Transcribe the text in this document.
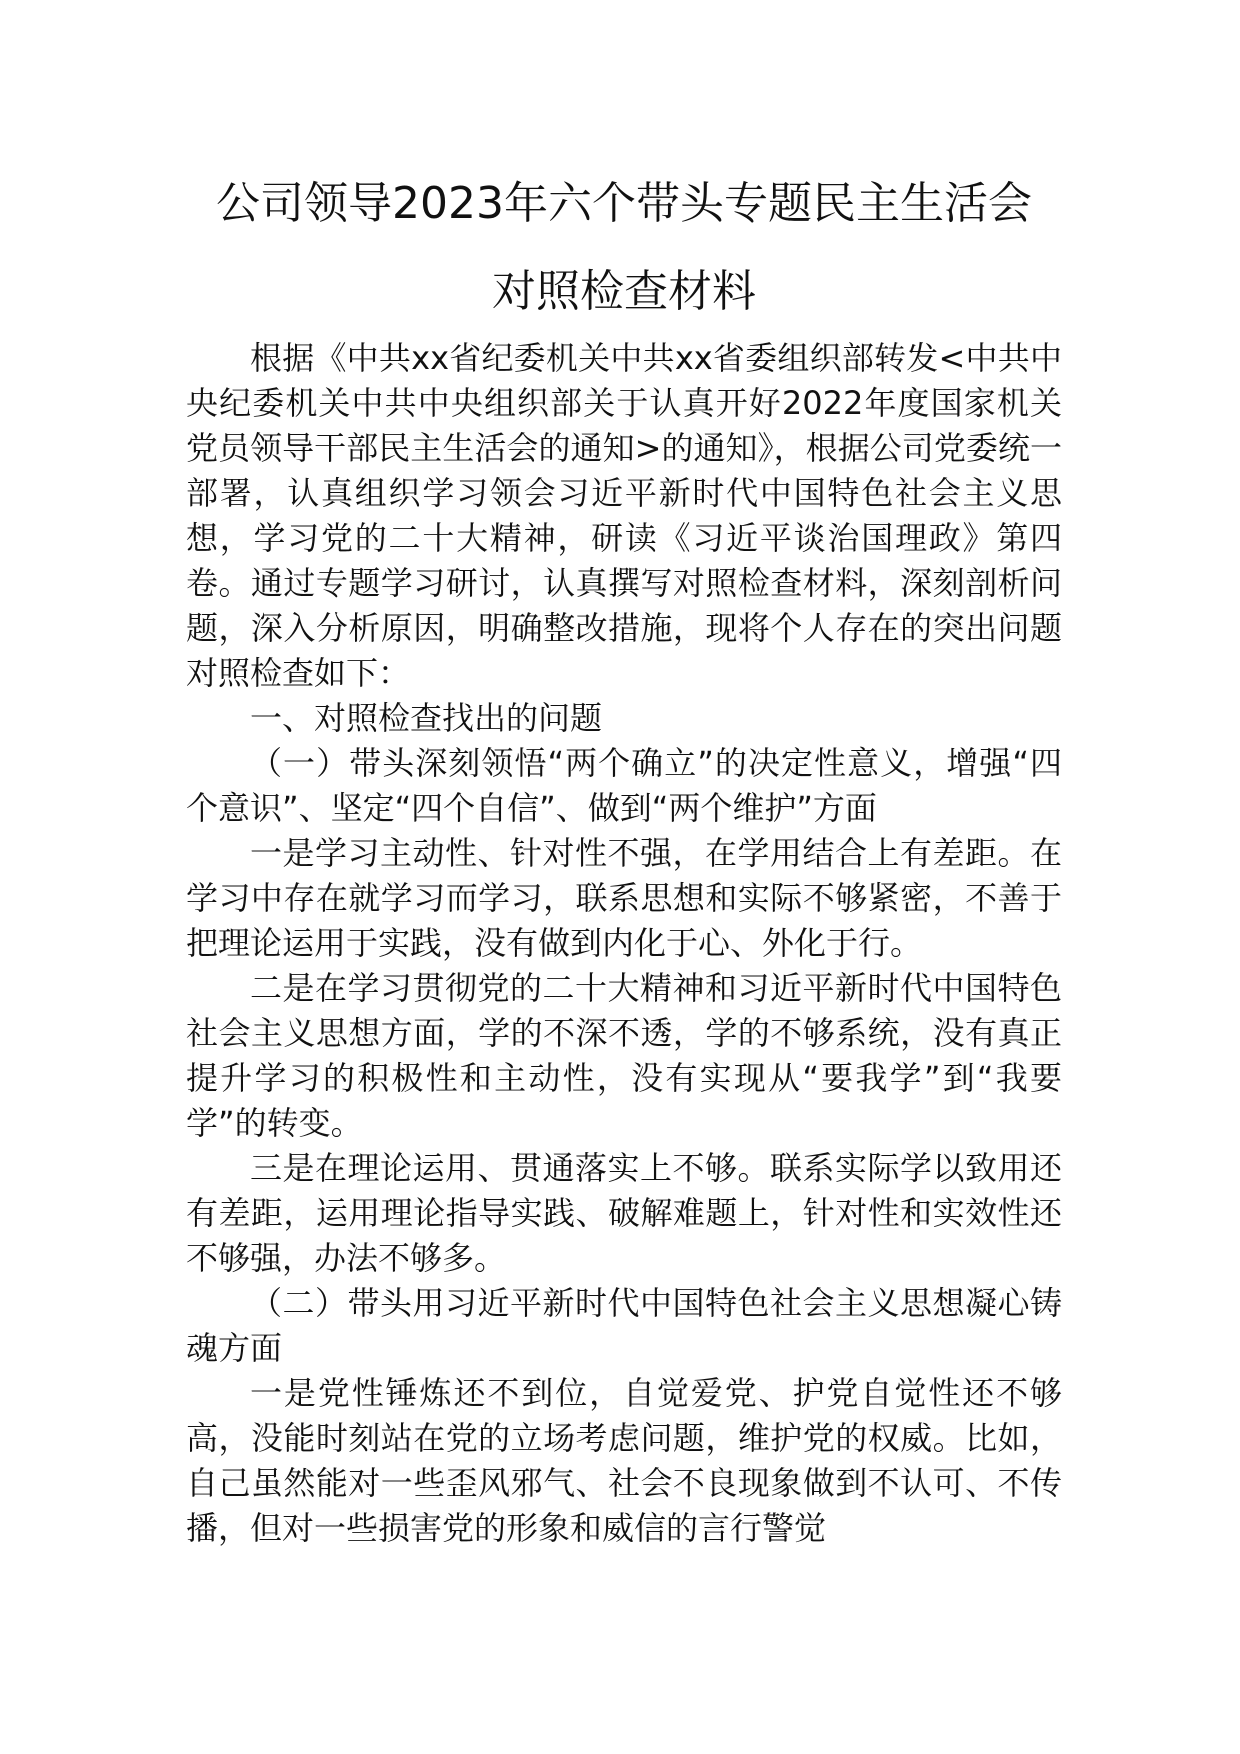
公司领导2023年六个带头专题民主生活会
对照检查材料

根据《中共xx省纪委机关中共xx省委组织部转发<中共中央纪委机关中共中央组织部关于认真开好2022年度国家机关党员领导干部民主生活会的通知>的通知》，根据公司党委统一部署，认真组织学习领会习近平新时代中国特色社会主义思想，学习党的二十大精神，研读《习近平谈治国理政》第四卷。通过专题学习研讨，认真撰写对照检查材料，深刻剖析问题，深入分析原因，明确整改措施，现将个人存在的突出问题对照检查如下：

一、对照检查找出的问题

（一）带头深刻领悟“两个确立”的决定性意义，增强“四个意识”、坚定“四个自信”、做到“两个维护”方面

一是学习主动性、针对性不强，在学用结合上有差距。在学习中存在就学习而学习，联系思想和实际不够紧密，不善于把理论运用于实践，没有做到内化于心、外化于行。

二是在学习贯彻党的二十大精神和习近平新时代中国特色社会主义思想方面，学的不深不透，学的不够系统，没有真正提升学习的积极性和主动性，没有实现从“要我学”到“我要学”的转变。

三是在理论运用、贯通落实上不够。联系实际学以致用还有差距，运用理论指导实践、破解难题上，针对性和实效性还不够强，办法不够多。

（二）带头用习近平新时代中国特色社会主义思想凝心铸魂方面

一是党性锤炼还不到位，自觉爱党、护党自觉性还不够高，没能时刻站在党的立场考虑问题，维护党的权威。比如，自己虽然能对一些歪风邪气、社会不良现象做到不认可、不传播，但对一些损害党的形象和威信的言行警觉
